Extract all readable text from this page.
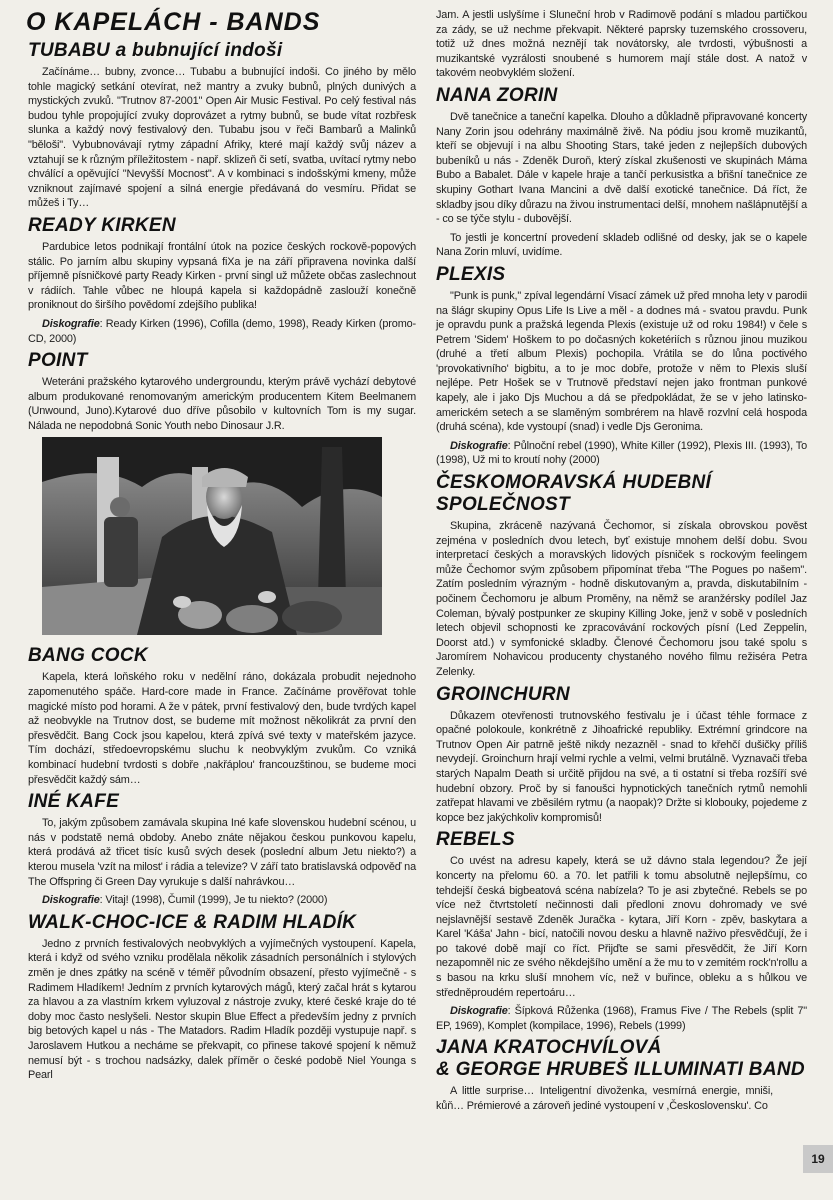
O KAPELÁCH - BANDS
TUBABU a bubnující indoši

Začínáme… bubny, zvonce… Tubabu a bubnující indoši. Co jiného by mělo tohle magický setkání otevírat, než mantry a zvuky bubnů, plných dunivých a mystických zvuků. "Trutnov 87-2001" Open Air Music Festival. Po celý festival nás budou tyhle propojující zvuky doprovázet a rytmy bubnů, se bude vítat rozbřesk slunka a každý nový festivalový den. Tubabu jsou v řeči Bambarů a Malinků "běloši". Vybubnovávají rytmy západní Afriky, které mají každý svůj název a vztahují se k různým příležitostem - např. sklizeň či setí, svatba, uvítací rytmy nebo chválící a opěvující "Nevyšší Mocnost". A v kombinaci s indošskými kmeny, může vzniknout zajímavé spojení a silná energie předávaná do vesmíru. Přidat se můžeš i Ty…

READY KIRKEN

Pardubice letos podnikají frontální útok na pozice českých rockově-popových stálic. Po jarním albu skupiny vypsaná fiXa je na září připravena novinka další příjemně písničkové party Ready Kirken - první singl už můžete občas zaslechnout v rádiích. Tahle vůbec ne hloupá kapela si každopádně zaslouží konečně proniknout do širšího povědomí zdejšího publika!

Diskografie: Ready Kirken (1996), Cofilla (demo, 1998), Ready Kirken (promo-CD, 2000)

POINT

Weteráni pražského kytarového undergroundu, kterým právě vychází debytové album produkované renomovaným americkým producentem Kitem Beelmanem (Unwound, Juno).Kytarové duo dříve působilo v kultovních Tom is my sugar. Nálada ne nepodobná Sonic Youth nebo Dinosaur J.R.

BANG COCK

Kapela, která loňského roku v nedělní ráno, dokázala probudit nejednoho zapomenutého spáče. Hard-core made in France. Začínáme prověřovat tohle magické místo pod horami. A že v pátek, první festivalový den, bude tvrdých kapel až neobvykle na Trutnov dost, se budeme mít možnost několikrát za první den přesvědčit. Bang Cock jsou kapelou, která zpívá své texty v mateřském jazyce. Tím dochází, středoevropskému sluchu k neobvyklým zvukům. Co vzniká kombinací hudební tvrdosti s dobře ,nakřáplou' francouzštinou, se budeme moci přesvědčit každý sám…

INÉ KAFE

To, jakým způsobem zamávala skupina Iné kafe slovenskou hudební scénou, u nás v podstatě nemá obdoby. Anebo znáte nějakou českou punkovou kapelu, která prodává až třicet tisíc kusů svých desek (poslední album Jetu niekto?) a kterou musela 'vzít na milost' i rádia a televize? V září tato bratislavská odpověď na The Offspring či Green Day vyrukuje s další nahrávkou…

Diskografie: Vitaj! (1998), Čumil (1999), Je tu niekto? (2000)

WALK-CHOC-ICE & RADIM HLADÍK

Jedno z prvních festivalových neobvyklých a vyjímečných vystoupení. Kapela, která i když od svého vzniku prodělala několik zásadních personálních i stylových změn je dnes zpátky na scéně v téměř původním obsazení, přesto vyjímečně - s Radimem Hladíkem! Jedním z prvních kytarových mágů, který začal hrát s kytarou za hlavou a za vlastním krkem vyluzoval z nástroje zvuky, které české kraje do té doby moc často neslyšeli. Nestor skupin Blue Effect a především jedny z prvních big betových kapel u nás - The Matadors. Radim Hladík později vystupuje např. s Jaroslavem Hutkou a necháme se překvapit, co přinese takové spojení k němuž nemusí být - s trochou nadsázky, dalek příměr o české podobě Niel Younga s Pearl

Jam. A jestli uslyšíme i Sluneční hrob v Radimově podání s mladou partičkou za zády, se už nechme překvapit. Některé paprsky tuzemského crossoveru, totiž už dnes možná neznějí tak novátorsky, ale tvrdosti, výbušnosti a muzikantské vyzrálosti snoubené s humorem mají stále dost. A natož v takovém neobvyklém složení.

NANA ZORIN

Dvě tanečnice a taneční kapelka. Dlouho a důkladně připravované koncerty Nany Zorin jsou odehrány maximálně živě. Na pódiu jsou kromě muzikantů, kteří se objevují i na albu Shooting Stars, také jeden z nejlepších dubových bubeníků u nás - Zdeněk Duroň, který získal zkušenosti ve skupinách Máma Bubo a Babalet. Dále v kapele hraje a tančí perkusistka a břišní tanečnice ze skupiny Gothart Ivana Mancini a dvě další exotické tanečnice. Dá říct, že skladby jsou díky důrazu na živou instrumentaci delší, mnohem našlápnutější a - co se týče stylu - dubovější.

To jestli je koncertní provedení skladeb odlišné od desky, jak se o kapele Nana Zorin mluví, uvidíme.

PLEXIS

"Punk is punk," zpíval legendární Visací zámek už před mnoha lety v parodii na šlágr skupiny Opus Life Is Live a měl - a dodnes má - svatou pravdu. Punk je opravdu punk a pražská legenda Plexis (existuje už od roku 1984!) v čele s Petrem 'Sidem' Hoškem to po dočasných koketériích s různou jinou muzikou (druhé a třetí album Plexis) pochopila. Vrátila se do lůna poctivého 'provokativního' bigbitu, a to je moc dobře, protože v něm to Plexis sluší nejlépe. Petr Hošek se v Trutnově představí nejen jako frontman punkové kapely, ale i jako Djs Muchou a dá se předpokládat, že se v jeho latinsko-americkém setech a se slaměným sombrérem na hlavě rozvlní celá hospoda (druhá scéna), kde vystoupí (snad) i vedle Djs Geronima.

Diskografie: Půlnoční rebel (1990), White Killer (1992), Plexis III. (1993), To (1998), Už mi to kroutí nohy (2000)

ČESKOMORAVSKÁ HUDEBNÍ SPOLEČNOST

Skupina, zkráceně nazývaná Čechomor, si získala obrovskou pověst zejména v posledních dvou letech, byť existuje mnohem delší dobu. Svou interpretací českých a moravských lidových písniček s rockovým feelingem může Čechomor svým způsobem připomínat třeba "The Pogues po našem". Zatím posledním výrazným - hodně diskutovaným a, pravda, diskutabilním - počinem Čechomoru je album Proměny, na němž se aranžérsky podílel Jaz Coleman, bývalý postpunker ze skupiny Killing Joke, jenž v sobě v posledních letech objevil schopnosti ke zpracovávání rockových písní (Led Zeppelin, Doorst atd.) v symfonické skladby. Členové Čechomoru jsou také spolu s Jaromírem Nohavicou producenty chystaného nového filmu režiséra Petra Zelenky.

GROINCHURN

Důkazem otevřenosti trutnovského festivalu je i účast téhle formace z opačné polokoule, konkrétně z Jihoafrické republiky. Extrémní grindcore na Trutnov Open Air patrně ještě nikdy nezazněl - snad to křehčí dušičky příliš nevydejí. Groinchurn hrají velmi rychle a velmi, velmi brutálně. Vyznavači třeba starých Napalm Death si určitě přijdou na své, a ti ostatní si třeba rozšíří své hudební obzory. Proč by si fanoušci hypnotických tanečních rytmů nemohli zatřepat hlavami ve zběsilém rytmu (a naopak)? Držte si klobouky, pojedeme z kopce bez jakýchkoliv kompromisů!

REBELS

Co uvést na adresu kapely, která se už dávno stala legendou? Že její koncerty na přelomu 60. a 70. let patřili k tomu absolutně nejlepšímu, co tehdejší česká bigbeatová scéna nabízela? To je asi zbytečné. Rebels se po více než čtvrtstoletí nečinnosti dali předloni znovu dohromady ve své nejslavnější sestavě Zdeněk Juračka - kytara, Jiří Korn - zpěv, baskytara a Karel 'Káša' Jahn - bicí, natočili novou desku a hlavně naživo přesvědčují, že i po takové době mají co říct. Přijďte se sami přesvědčit, že Jiří Korn nezapomněl nic ze svého někdejšího umění a že mu to v zemitém rock'n'rollu a s basou na krku sluší mnohem víc, než v buřince, obleku a s hůlkou ve středněproudém repertoáru…

Diskografie: Šípková Růženka (1968), Framus Five / The Rebels (split 7" EP, 1969), Komplet (kompilace, 1996), Rebels (1999)

JANA KRATOCHVÍLOVÁ
& GEORGE HRUBEŠ ILLUMINATI BAND

A little surprise… Inteligentní divoženka, vesmírná energie, mniši, kůň… Prémierové a zároveň jediné vystoupení v ,Československu'. Co

19
